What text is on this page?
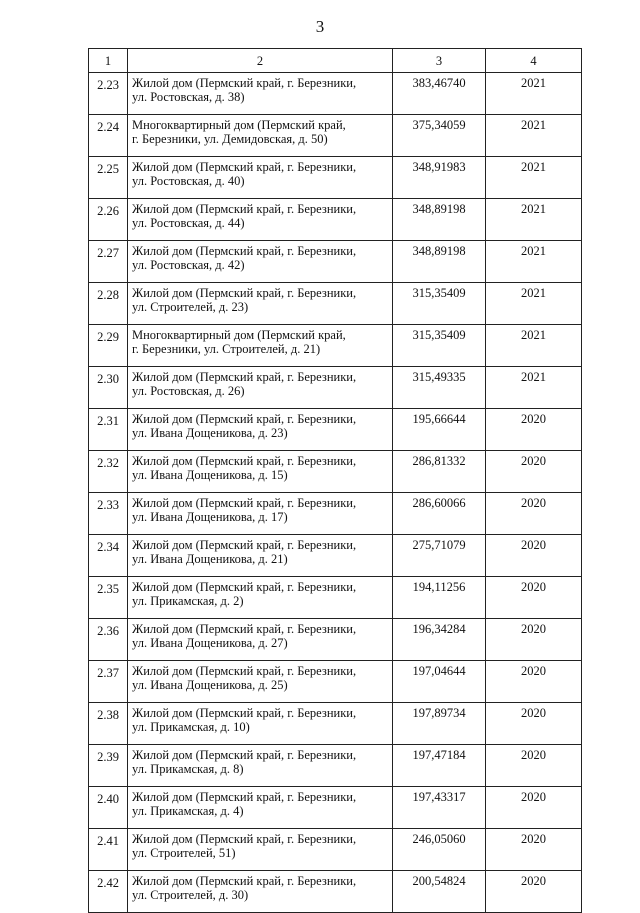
3
1	2	3	4
2.23	Жилой дом (Пермский край, г. Березники,
ул. Ростовская, д. 38)	383,46740	2021
2.24	Многоквартирный дом (Пермский край,
г. Березники, ул. Демидовская, д. 50)	375,34059	2021
2.25	Жилой дом (Пермский край, г. Березники,
ул. Ростовская, д. 40)	348,91983	2021
2.26	Жилой дом (Пермский край, г. Березники,
ул. Ростовская, д. 44)	348,89198	2021
2.27	Жилой дом (Пермский край, г. Березники,
ул. Ростовская, д. 42)	348,89198	2021
2.28	Жилой дом (Пермский край, г. Березники,
ул. Строителей, д. 23)	315,35409	2021
2.29	Многоквартирный дом (Пермский край,
г. Березники, ул. Строителей, д. 21)	315,35409	2021
2.30	Жилой дом (Пермский край, г. Березники,
ул. Ростовская, д. 26)	315,49335	2021
2.31	Жилой дом (Пермский край, г. Березники,
ул. Ивана Дощеникова, д. 23)	195,66644	2020
2.32	Жилой дом (Пермский край, г. Березники,
ул. Ивана Дощеникова, д. 15)	286,81332	2020
2.33	Жилой дом (Пермский край, г. Березники,
ул. Ивана Дощеникова, д. 17)	286,60066	2020
2.34	Жилой дом (Пермский край, г. Березники,
ул. Ивана Дощеникова, д. 21)	275,71079	2020
2.35	Жилой дом (Пермский край, г. Березники,
ул. Прикамская, д. 2)	194,11256	2020
2.36	Жилой дом (Пермский край, г. Березники,
ул. Ивана Дощеникова, д. 27)	196,34284	2020
2.37	Жилой дом (Пермский край, г. Березники,
ул. Ивана Дощеникова, д. 25)	197,04644	2020
2.38	Жилой дом (Пермский край, г. Березники,
ул. Прикамская, д. 10)	197,89734	2020
2.39	Жилой дом (Пермский край, г. Березники,
ул. Прикамская, д. 8)	197,47184	2020
2.40	Жилой дом (Пермский край, г. Березники,
ул. Прикамская, д. 4)	197,43317	2020
2.41	Жилой дом (Пермский край, г. Березники,
ул. Строителей, 51)	246,05060	2020
2.42	Жилой дом (Пермский край, г. Березники,
ул. Строителей, д. 30)	200,54824	2020
